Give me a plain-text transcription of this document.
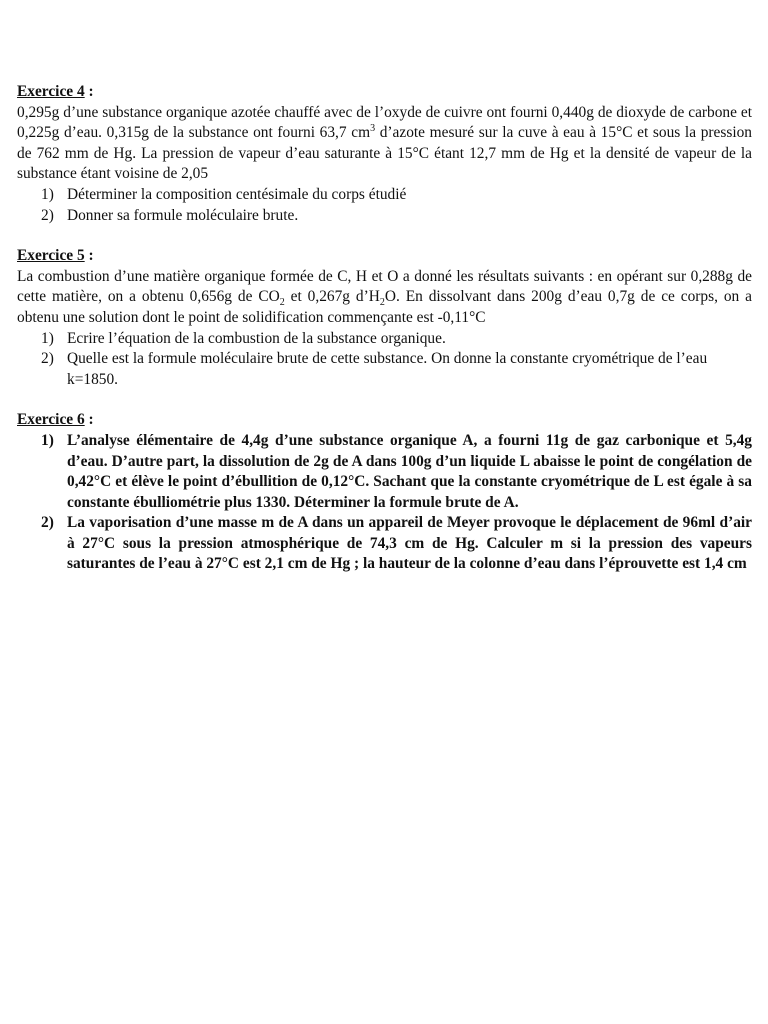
Exercice 4 :
0,295g d’une substance organique azotée chauffé avec de l’oxyde de cuivre ont fourni 0,440g de dioxyde de carbone et 0,225g d’eau. 0,315g de la substance ont fourni 63,7 $cm^3$ d’azote mesuré sur la cuve à eau à 15°C et sous la pression de 762 mm de Hg. La pression de vapeur d’eau saturante à 15°C étant 12,7 mm de Hg et la densité de vapeur de la substance étant voisine de 2,05
1) Déterminer la composition centésimale du corps étudié
2) Donner sa formule moléculaire brute.
Exercice 5 :
La combustion d’une matière organique formée de C, H et O a donné les résultats suivants : en opérant sur 0,288g de cette matière, on a obtenu 0,656g de $CO_2$ et 0,267g $d’H_2O$. En dissolvant dans 200g d’eau 0,7g de ce corps, on a obtenu une solution dont le point de solidification commençante est -0,11°C
1) Ecrire l’équation de la combustion de la substance organique.
2) Quelle est la formule moléculaire brute de cette substance. On donne la constante cryométrique de l’eau k=1850.
Exercice 6 :
1) L’analyse élémentaire de 4,4g d’une substance organique A, a fourni 11g de gaz carbonique et 5,4g d’eau. D’autre part, la dissolution de 2g de A dans 100g d’un liquide L abaisse le point de congélation de 0,42°C et élève le point d’ébullition de 0,12°C. Sachant que la constante cryométrique de L est égale à sa constante ébulliométrie plus 1330. Déterminer la formule brute de A.
2) La vaporisation d’une masse m de A dans un appareil de Meyer provoque le déplacement de 96ml d’air à 27°C sous la pression atmosphérique de 74,3 cm de Hg. Calculer m si la pression des vapeurs saturantes de l’eau à 27°C est 2,1 cm de Hg ; la hauteur de la colonne d’eau dans l’éprouvette est 1,4 cm
